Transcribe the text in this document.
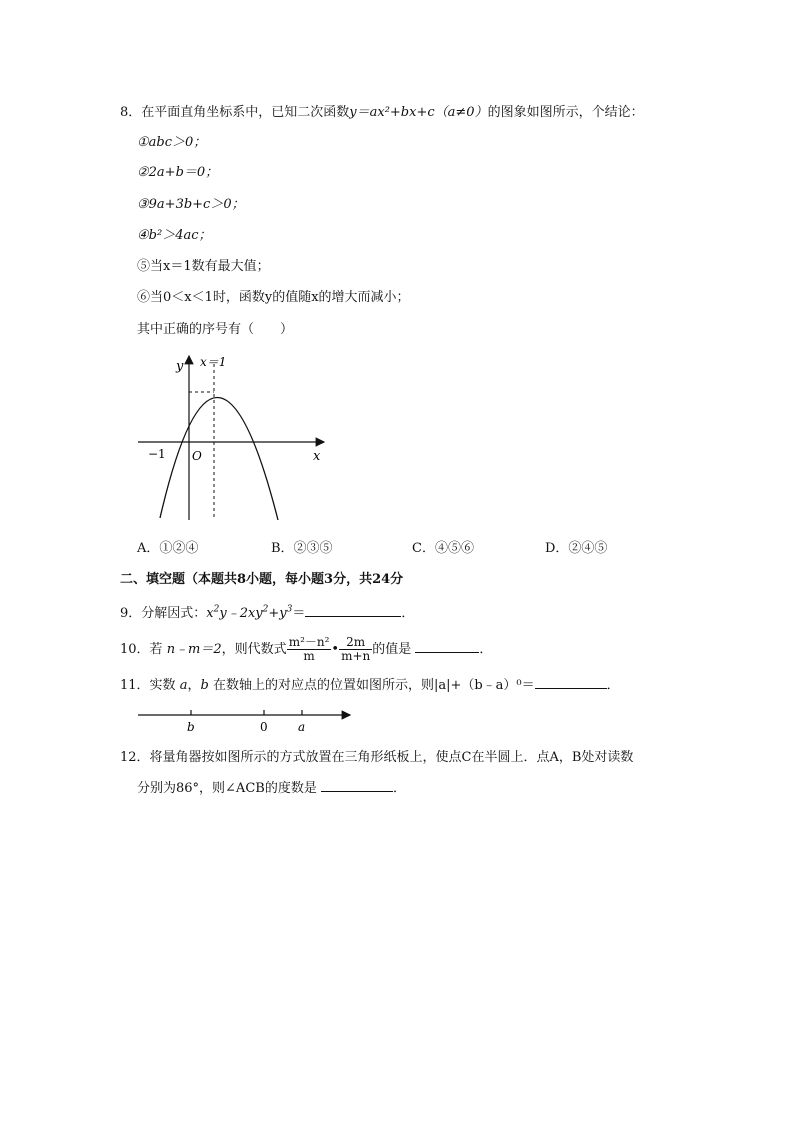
8．在平面直角坐标系中，已知二次函数y＝ax²+bx+c（a≠0）的图象如图所示，个结论：
①abc＞0；
②2a+b＝0；
③9a+3b+c＞0；
④b²＞4ac；
⑤当x＝1数有最大值；
⑥当0＜x＜1时，函数y的值随x的增大而减小；
其中正确的序号有（　　）
y x＝1
x
O
−1
A．①②④	B．②③⑤	C．④⑤⑥	D．②④⑤
二、填空题（本题共8小题，每小题3分，共24分
9．分解因式：$x^2y﹣2xy^2+y^3=$	．
10．若 n﹣m＝2，则代数式 $\frac{\text{m²－n²}}{m}$ • $\frac{2m}{m+n}$ 的值是	．
11．实数 a，b 在数轴上的对应点的位置如图所示，则|a|+（b﹣a）⁰＝	．
b	0	a
12．将量角器按如图所示的方式放置在三角形纸板上，使点C在半圆上．点A，B处对读数
分别为86°，则∠ACB的度数是	．
